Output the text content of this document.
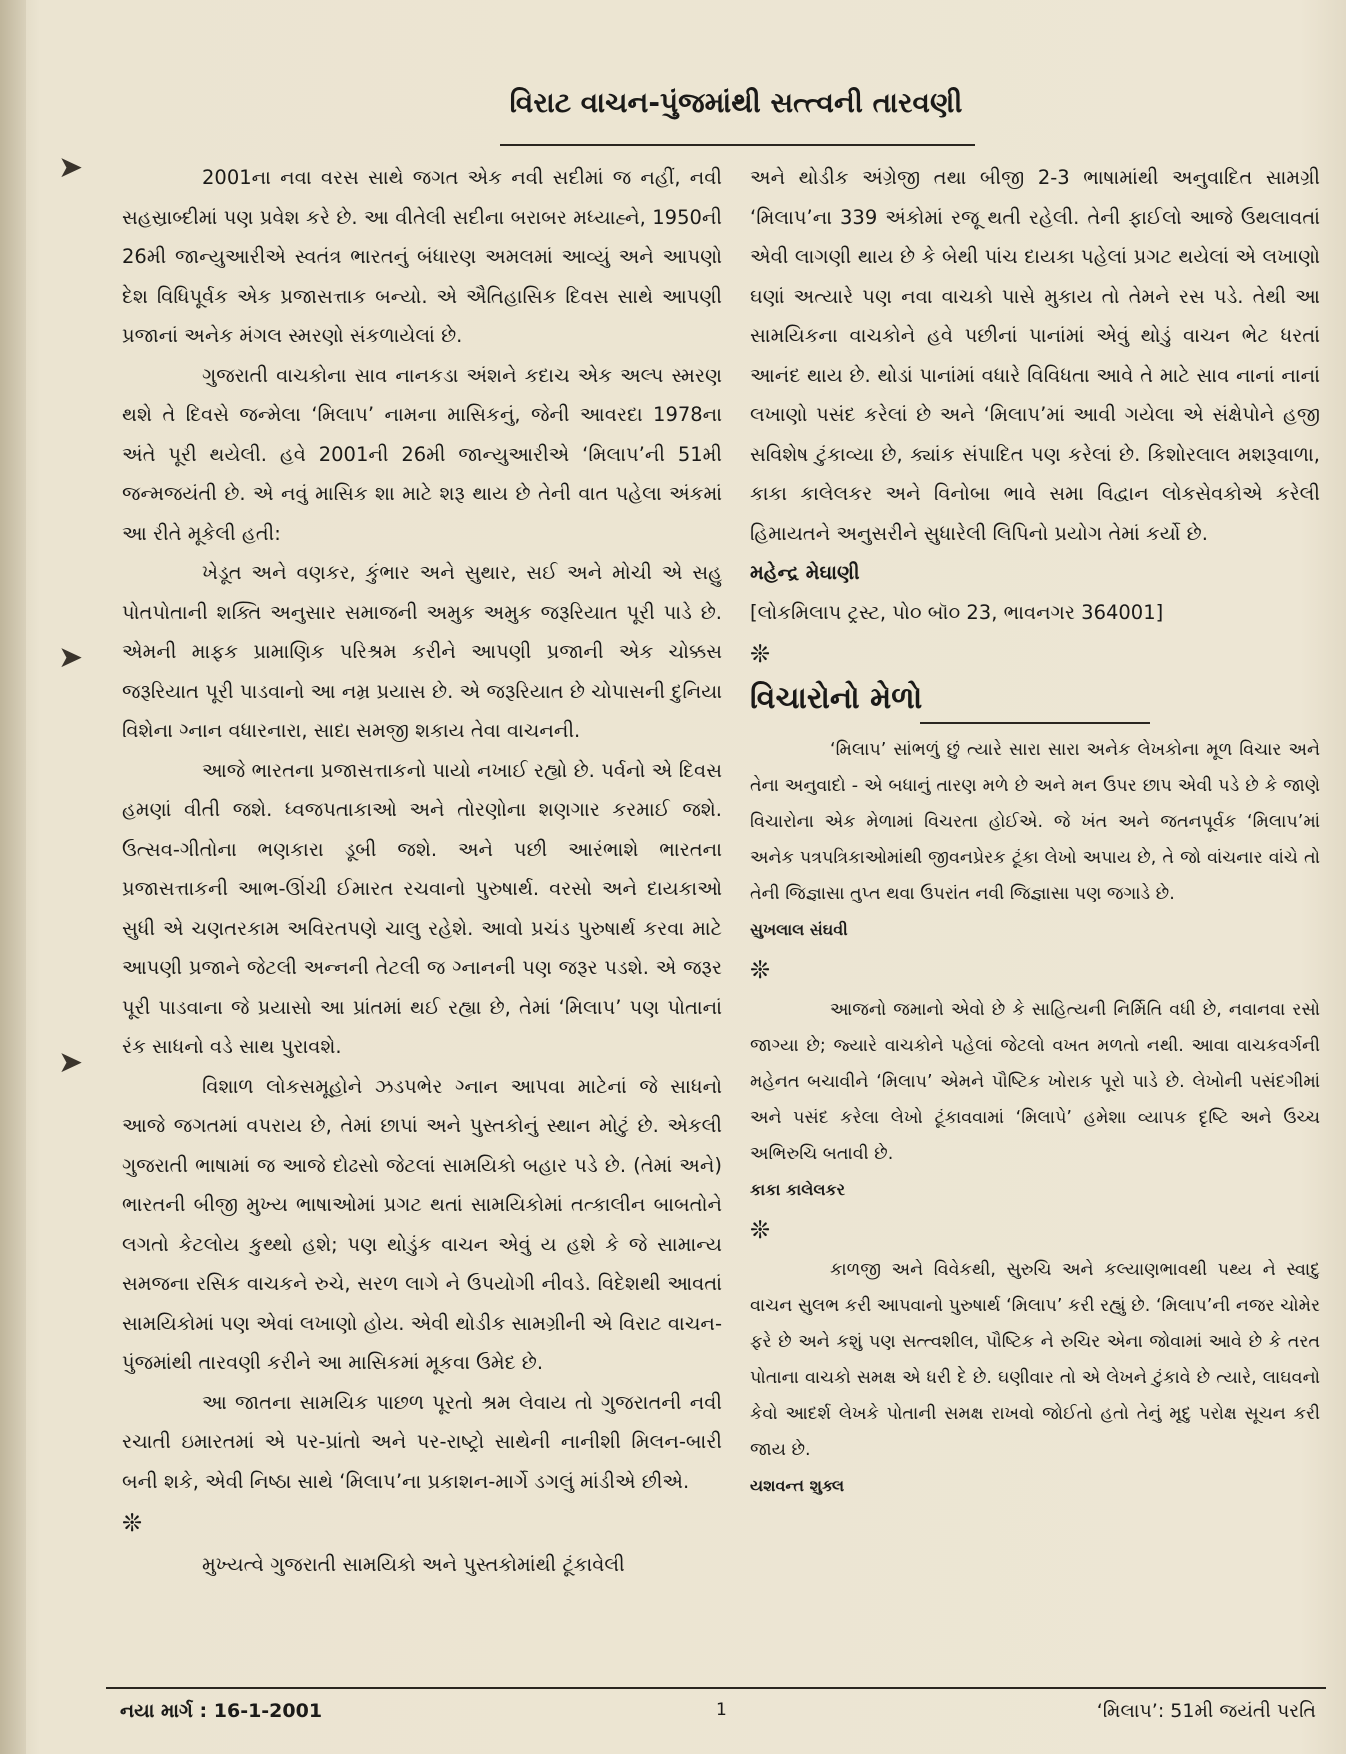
➤
➤
➤
વિરાટ વાચન-પુંજમાંથી સત્ત્વની તારવણી

2001ના નવા વરસ સાથે જગત એક નવી સદીમાં જ નહીં, નવી સહસ્રાબ્દીમાં પણ પ્રવેશ કરે છે. આ વીતેલી સદીના બરાબર મધ્યાહ્ને, 1950ની 26મી જાન્યુઆરીએ સ્વતંત્ર ભારતનું બંધારણ અમલમાં આવ્યું અને આપણો દેશ વિધિપૂર્વક એક પ્રજાસત્તાક બન્યો. એ ઐતિહાસિક દિવસ સાથે આપણી પ્રજાનાં અનેક મંગલ સ્મરણો સંકળાયેલાં છે.

ગુજરાતી વાચકોના સાવ નાનકડા અંશને કદાચ એક અલ્પ સ્મરણ થશે તે દિવસે જન્મેલા ‘મિલાપ’ નામના માસિકનું, જેની આવરદા 1978ના અંતે પૂરી થયેલી. હવે 2001ની 26મી જાન્યુઆરીએ ‘મિલાપ’ની 51મી જન્મજયંતી છે. એ નવું માસિક શા માટે શરૂ થાય છે તેની વાત પહેલા અંકમાં આ રીતે મૂકેલી હતી:

ખેડૂત અને વણકર, કુંભાર અને સુથાર, સઈ અને મોચી એ સહુ પોતપોતાની શક્તિ અનુસાર સમાજની અમુક અમુક જરૂરિયાત પૂરી પાડે છે. એમની માફક પ્રામાણિક પરિશ્રમ કરીને આપણી પ્રજાની એક ચોક્કસ જરૂરિયાત પૂરી પાડવાનો આ નમ્ર પ્રયાસ છે. એ જરૂરિયાત છે ચોપાસની દુનિયા વિશેના ગ્નાન વધારનારા, સાદા સમજી શકાય તેવા વાચનની.

આજે ભારતના પ્રજાસત્તાકનો પાયો નખાઈ રહ્યો છે. પર્વનો એ દિવસ હમણાં વીતી જશે. ધ્વજપતાકાઓ અને તોરણોના શણગાર કરમાઈ જશે. ઉત્સવ-ગીતોના ભણકારા ડૂબી જશે. અને પછી આરંભાશે ભારતના પ્રજાસત્તાકની આભ-ઊંચી ઈમારત રચવાનો પુરુષાર્થ. વરસો અને દાયકાઓ સુધી એ ચણતરકામ અવિરતપણે ચાલુ રહેશે. આવો પ્રચંડ પુરુષાર્થ કરવા માટે આપણી પ્રજાને જેટલી અન્નની તેટલી જ ગ્નાનની પણ જરૂર પડશે. એ જરૂર પૂરી પાડવાના જે પ્રયાસો આ પ્રાંતમાં થઈ રહ્યા છે, તેમાં ‘મિલાપ’ પણ પોતાનાં રંક સાધનો વડે સાથ પુરાવશે.

વિશાળ લોકસમૂહોને ઝડપભેર ગ્નાન આપવા માટેનાં જે સાધનો આજે જગતમાં વપરાય છે, તેમાં છાપાં અને પુસ્તકોનું સ્થાન મોટું છે. એકલી ગુજરાતી ભાષામાં જ આજે દોઢસો જેટલાં સામયિકો બહાર પડે છે. (તેમાં અને) ભારતની બીજી મુખ્ય ભાષાઓમાં પ્રગટ થતાં સામયિકોમાં તત્કાલીન બાબતોને લગતો કેટલોય કુથ્થો હશે; પણ થોડુંક વાચન એવું ય હશે કે જે સામાન્ય સમજના રસિક વાચકને રુચે, સરળ લાગે ને ઉપયોગી નીવડે. વિદેશથી આવતાં સામયિકોમાં પણ એવાં લખાણો હોય. એવી થોડીક સામગ્રીની એ વિરાટ વાચન-પુંજમાંથી તારવણી કરીને આ માસિકમાં મૂકવા ઉમેદ છે.

આ જાતના સામયિક પાછળ પૂરતો શ્રમ લેવાય તો ગુજરાતની નવી રચાતી ઇમારતમાં એ પર-પ્રાંતો અને પર-રાષ્ટ્રો સાથેની નાનીશી મિલન-બારી બની શકે, એવી નિષ્ઠા સાથે ‘મિલાપ’ના પ્રકાશન-માર્ગે ડગલું માંડીએ છીએ.

❊

મુખ્યત્વે ગુજરાતી સામયિકો અને પુસ્તકોમાંથી ટૂંકાવેલી

અને થોડીક અંગ્રેજી તથા બીજી 2-3 ભાષામાંથી અનુવાદિત સામગ્રી ‘મિલાપ’ના 339 અંકોમાં રજૂ થતી રહેલી. તેની ફાઈલો આજે ઉથલાવતાં એવી લાગણી થાય છે કે બેથી પાંચ દાયકા પહેલાં પ્રગટ થયેલાં એ લખાણો ઘણાં અત્યારે પણ નવા વાચકો પાસે મુકાય તો તેમને રસ પડે. તેથી આ સામયિકના વાચકોને હવે પછીનાં પાનાંમાં એવું થોડું વાચન ભેટ ધરતાં આનંદ થાય છે. થોડાં પાનાંમાં વધારે વિવિધતા આવે તે માટે સાવ નાનાં નાનાં લખાણો પસંદ કરેલાં છે અને ‘મિલાપ’માં આવી ગયેલા એ સંક્ષેપોને હજી સવિશેષ ટુંકાવ્યા છે, ક્યાંક સંપાદિત પણ કરેલાં છે. કિશોરલાલ મશરૂવાળા, કાકા કાલેલકર અને વિનોબા ભાવે સમા વિદ્વાન લોકસેવકોએ કરેલી હિમાયતને અનુસરીને સુધારેલી લિપિનો પ્રયોગ તેમાં કર્યો છે.

મહેન્દ્ર મેઘાણી

[લોકમિલાપ ટ્રસ્ટ, પો૦ બૉ૦ 23, ભાવનગર 364001]

❊

વિચારોનો મેળો

‘મિલાપ’ સાંભળું છું ત્યારે સારા સારા અનેક લેખકોના મૂળ વિચાર અને તેના અનુવાદો - એ બધાનું તારણ મળે છે અને મન ઉપર છાપ એવી પડે છે કે જાણે વિચારોના એક મેળામાં વિચરતા હોઈએ. જે ખંત અને જતનપૂર્વક ‘મિલાપ’માં અનેક પત્રપત્રિકાઓમાંથી જીવનપ્રેરક ટૂંકા લેખો અપાય છે, તે જો વાંચનાર વાંચે તો તેની જિજ્ઞાસા તુપ્ત થવા ઉપરાંત નવી જિજ્ઞાસા પણ જગાડે છે.

સુખલાલ સંઘવી

❊

આજનો જમાનો એવો છે કે સાહિત્યની નિર્મિતિ વધી છે, નવાનવા રસો જાગ્યા છે; જ્યારે વાચકોને પહેલાં જેટલો વખત મળતો નથી. આવા વાચકવર્ગની મહેનત બચાવીને ‘મિલાપ’ એમને પૌષ્ટિક ખોરાક પૂરો પાડે છે. લેખોની પસંદગીમાં અને પસંદ કરેલા લેખો ટૂંકાવવામાં ‘મિલાપે’ હમેશા વ્યાપક દૃષ્ટિ અને ઉચ્ચ અભિરુચિ બતાવી છે.

કાકા કાલેલકર

❊

કાળજી અને વિવેકથી, સુરુચિ અને કલ્યાણભાવથી પથ્ય ને સ્વાદુ વાચન સુલભ કરી આપવાનો પુરુષાર્થ ‘મિલાપ’ કરી રહ્યું છે. ‘મિલાપ’ની નજર ચોમેર ફરે છે અને કશું પણ સત્ત્વશીલ, પૌષ્ટિક ને રુચિર એના જોવામાં આવે છે કે તરત પોતાના વાચકો સમક્ષ એ ધરી દે છે. ઘણીવાર તો એ લેખને ટુંકાવે છે ત્યારે, લાઘવનો કેવો આદર્શ લેખકે પોતાની સમક્ષ રાખવો જોઈતો હતો તેનું મૃદુ પરોક્ષ સૂચન કરી જાય છે.

યશવન્ત શુક્લ

નયા માર્ગ : 16-1-2001	1	‘મિલાપ’: 51મી જયંતી પરતિ
